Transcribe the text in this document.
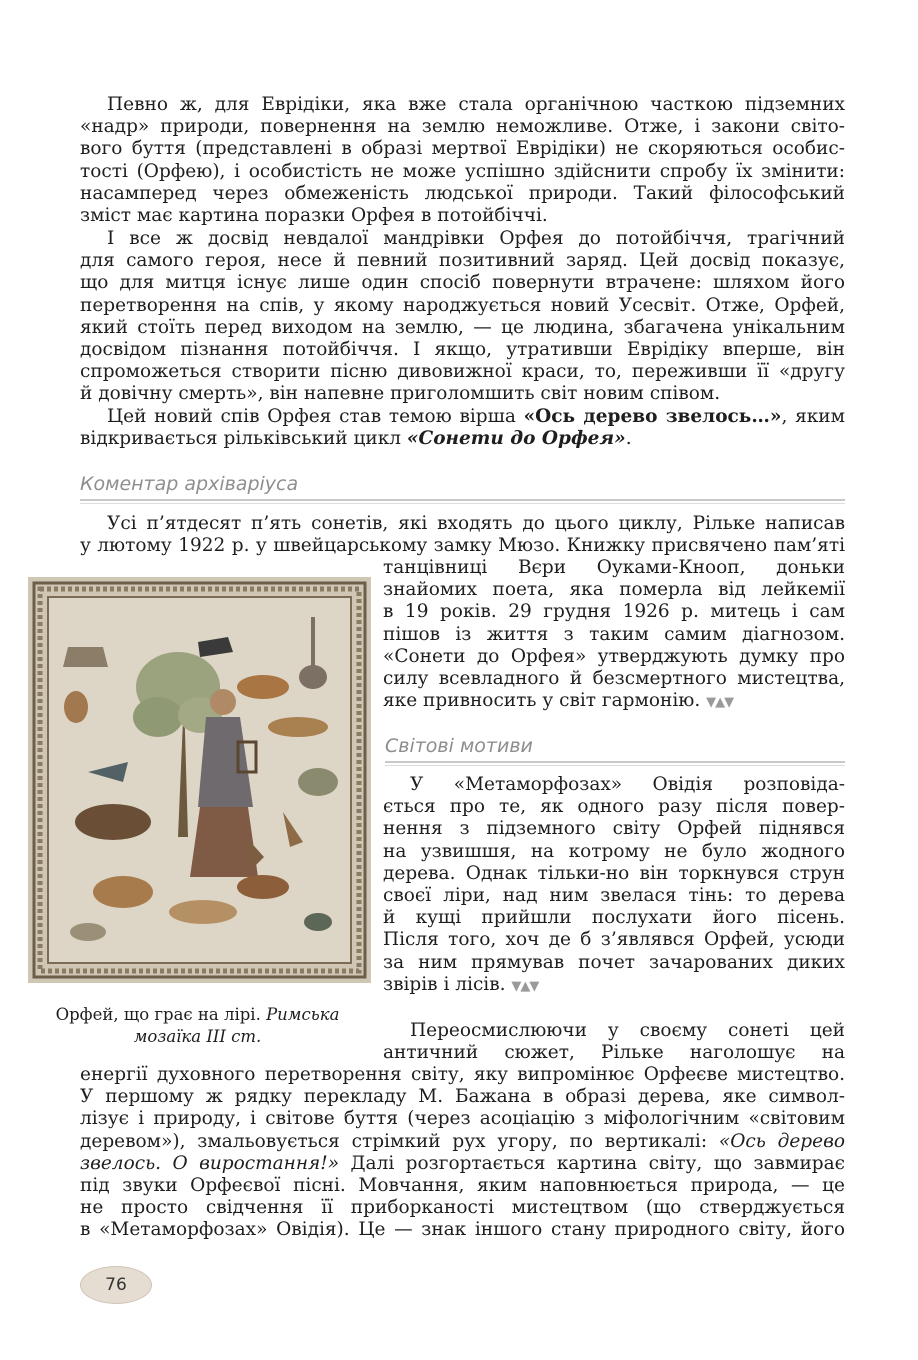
Певно ж, для Еврідіки, яка вже стала органічною часткою підземних
«надр» природи, повернення на землю неможливе. Отже, і закони світо-
вого буття (представлені в образі мертвої Еврідіки) не скоряються особис-
тості (Орфею), і особистість не може успішно здійснити спробу їх змінити:
насамперед через обмеженість людської природи. Такий філософський
зміст має картина поразки Орфея в потойбіччі.
І все ж досвід невдалої мандрівки Орфея до потойбіччя, трагічний
для самого героя, несе й певний позитивний заряд. Цей досвід показує,
що для митця існує лише один спосіб повернути втрачене: шляхом його
перетворення на спів, у якому народжується новий Усесвіт. Отже, Орфей,
який стоїть перед виходом на землю, — це людина, збагачена унікальним
досвідом пізнання потойбіччя. І якщо, утративши Еврідіку вперше, він
спроможеться створити пісню дивовижної краси, то, переживши її «другу
й довічну смерть», він напевне приголомшить світ новим співом.
Цей новий спів Орфея став темою вірша «Ось дерево звелось…», яким
відкривається рільківський цикл «Сонети до Орфея».
Коментар архіваріуса
Усі п’ятдесят п’ять сонетів, які входять до цього циклу, Рільке написав
у лютому 1922 р. у швейцарському замку Мюзо. Книжку присвячено пам’яті
танцівниці Вєри Оуками-Кнооп, доньки
знайомих поета, яка померла від лейкемії
в 19 років. 29 грудня 1926 р. митець і сам
пішов із життя з таким самим діагнозом.
«Сонети до Орфея» утверджують думку про
силу всевладного й безсмертного мистецтва,
яке привносить у світ гармонію. ▼▲▼
Світові мотиви
У «Метаморфозах» Овідія розповіда-
ється про те, як одного разу після повер-
нення з підземного світу Орфей піднявся
на узвишшя, на котрому не було жодного
дерева. Однак тільки-но він торкнувся струн
своєї ліри, над ним звелася тінь: то дерева
й кущі прийшли послухати його пісень.
Після того, хоч де б з’являвся Орфей, усюди
за ним прямував почет зачарованих диких
звірів і лісів. ▼▲▼
Орфей, що грає на лірі. Римська
мозаїка ІІІ ст.	Переосмислюючи у своєму сонеті цей
античний сюжет, Рільке наголошує на
енергії духовного перетворення світу, яку випромінює Орфеєве мистецтво.
У першому ж рядку перекладу М. Бажана в образі дерева, яке символ-
лізує і природу, і світове буття (через асоціацію з міфологічним «світовим
деревом»), змальовується стрімкий рух угору, по вертикалі: «Ось дерево
звелось. О виростання!» Далі розгортається картина світу, що завмирає
під звуки Орфеєвої пісні. Мовчання, яким наповнюється природа, — це
не просто свідчення її приборканості мистецтвом (що стверджується
в «Метаморфозах» Овідія). Це — знак іншого стану природного світу, його
76
